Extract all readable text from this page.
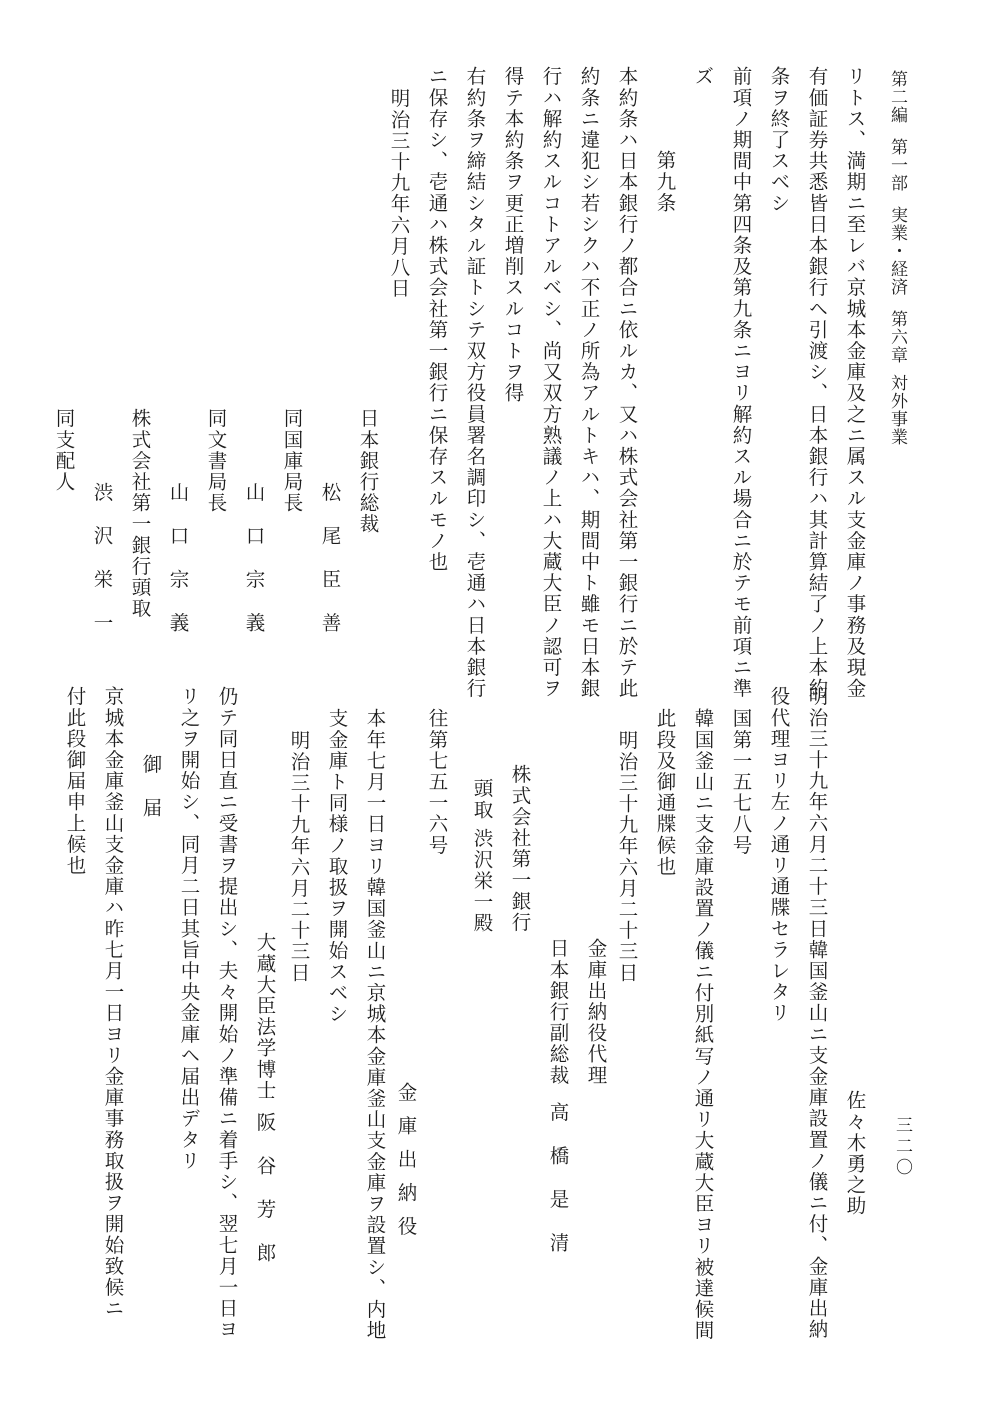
第二編第一部実業・経済第六章対外事業
リトス、満期ニ至レバ京城本金庫及之ニ属スル支金庫ノ事務及現金
有価証券共悉皆日本銀行ヘ引渡シ、日本銀行ハ其計算結了ノ上本約
条ヲ終了スベシ
前項ノ期間中第四条及第九条ニヨリ解約スル場合ニ於テモ前項ニ準
ズ
第九条
本約条ハ日本銀行ノ都合ニ依ルカ、又ハ株式会社第一銀行ニ於テ此
約条ニ違犯シ若シクハ不正ノ所為アルトキハ、期間中ト雖モ日本銀
行ハ解約スルコトアルベシ、尚又双方熟議ノ上ハ大蔵大臣ノ認可ヲ
得テ本約条ヲ更正増削スルコトヲ得
右約条ヲ締結シタル証トシテ双方役員署名調印シ、壱通ハ日本銀行
ニ保存シ、壱通ハ株式会社第一銀行ニ保存スルモノ也
明治三十九年六月八日
日本銀行総裁
松尾臣善
同国庫局長
山口宗義
同文書局長
山口宗義
株式会社第一銀行頭取
渋沢栄一
同支配人
三二〇
明治三十九年六月二十三日韓国釜山ニ支金庫設置ノ儀ニ付、金庫出納 佐々木勇之助
役代理ヨリ左ノ通リ通牒セラレタリ
国第一五七八号
韓国釜山ニ支金庫設置ノ儀ニ付別紙写ノ通リ大蔵大臣ヨリ被達候間
此段及御通牒候也
明治三十九年六月二十三日
金庫出納役代理
日本銀行副総裁
高橋是清
株式会社第一銀行
頭取 渋沢栄一殿
往第七五一六号
金庫出納役
本年七月一日ヨリ韓国釜山ニ京城本金庫釜山支金庫ヲ設置シ、内地
支金庫ト同様ノ取扱ヲ開始スベシ
明治三十九年六月二十三日
大蔵大臣法学博士
阪谷芳郎
仍テ同日直ニ受書ヲ提出シ、夫々開始ノ準備ニ着手シ、翌七月一日ヨ
リ之ヲ開始シ、同月二日其旨中央金庫ヘ届出デタリ
御届
京城本金庫釜山支金庫ハ昨七月一日ヨリ金庫事務取扱ヲ開始致候ニ
付此段御届申上候也
